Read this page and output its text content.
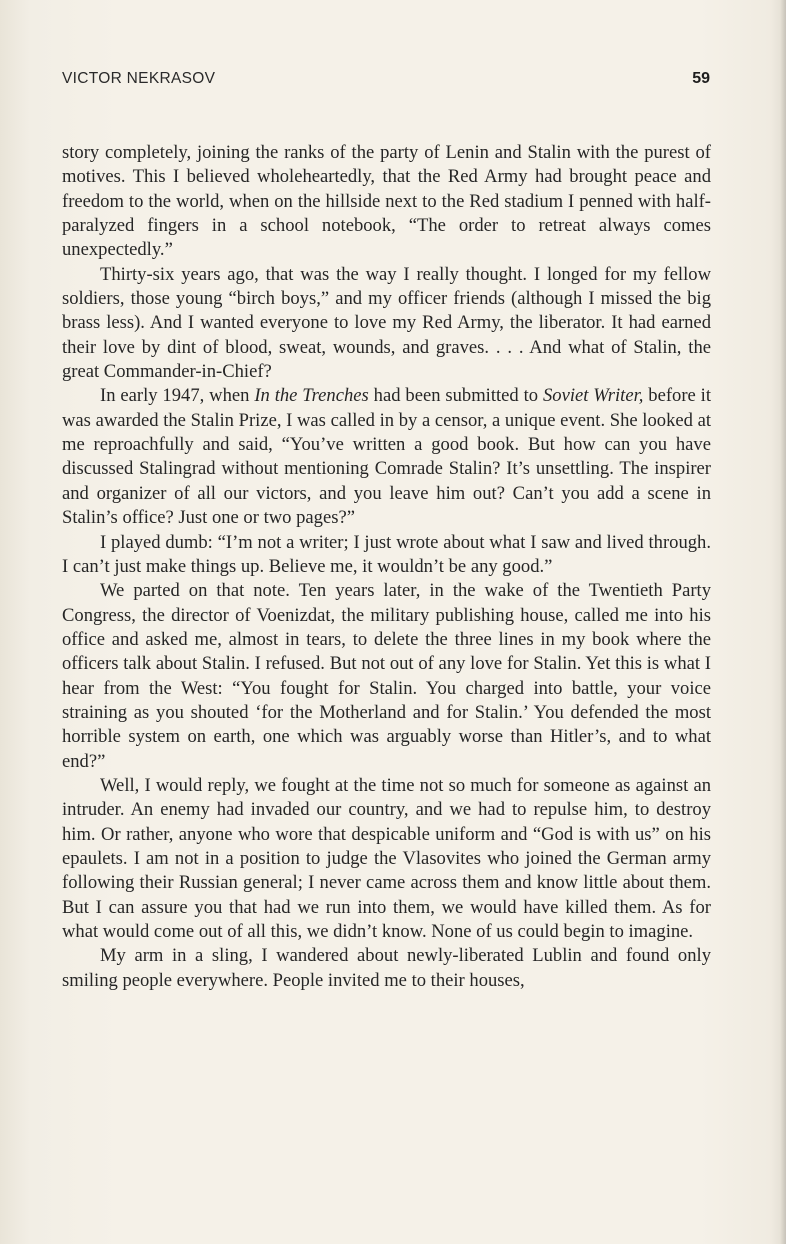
VICTOR NEKRASOV	59

story completely, joining the ranks of the party of Lenin and Stalin with the purest of motives. This I believed wholeheartedly, that the Red Army had brought peace and freedom to the world, when on the hillside next to the Red stadium I penned with half-paralyzed fingers in a school notebook, “The order to retreat always comes unexpectedly.”

Thirty-six years ago, that was the way I really thought. I longed for my fellow soldiers, those young “birch boys,” and my officer friends (although I missed the big brass less). And I wanted everyone to love my Red Army, the liberator. It had earned their love by dint of blood, sweat, wounds, and graves. . . . And what of Stalin, the great Commander-in-Chief?

In early 1947, when In the Trenches had been submitted to Soviet Writer, before it was awarded the Stalin Prize, I was called in by a censor, a unique event. She looked at me reproachfully and said, “You’ve written a good book. But how can you have discussed Stalingrad without mentioning Comrade Stalin? It’s unsettling. The inspirer and organizer of all our victors, and you leave him out? Can’t you add a scene in Stalin’s office? Just one or two pages?”

I played dumb: “I’m not a writer; I just wrote about what I saw and lived through. I can’t just make things up. Believe me, it wouldn’t be any good.”

We parted on that note. Ten years later, in the wake of the Twentieth Party Congress, the director of Voenizdat, the military publishing house, called me into his office and asked me, almost in tears, to delete the three lines in my book where the officers talk about Stalin. I refused. But not out of any love for Stalin. Yet this is what I hear from the West: “You fought for Stalin. You charged into battle, your voice straining as you shouted ‘for the Motherland and for Stalin.’ You defended the most horrible system on earth, one which was arguably worse than Hitler’s, and to what end?”

Well, I would reply, we fought at the time not so much for someone as against an intruder. An enemy had invaded our country, and we had to repulse him, to destroy him. Or rather, anyone who wore that despicable uniform and “God is with us” on his epaulets. I am not in a position to judge the Vlasovites who joined the German army following their Russian general; I never came across them and know little about them. But I can assure you that had we run into them, we would have killed them. As for what would come out of all this, we didn’t know. None of us could begin to imagine.

My arm in a sling, I wandered about newly-liberated Lublin and found only smiling people everywhere. People invited me to their houses,
